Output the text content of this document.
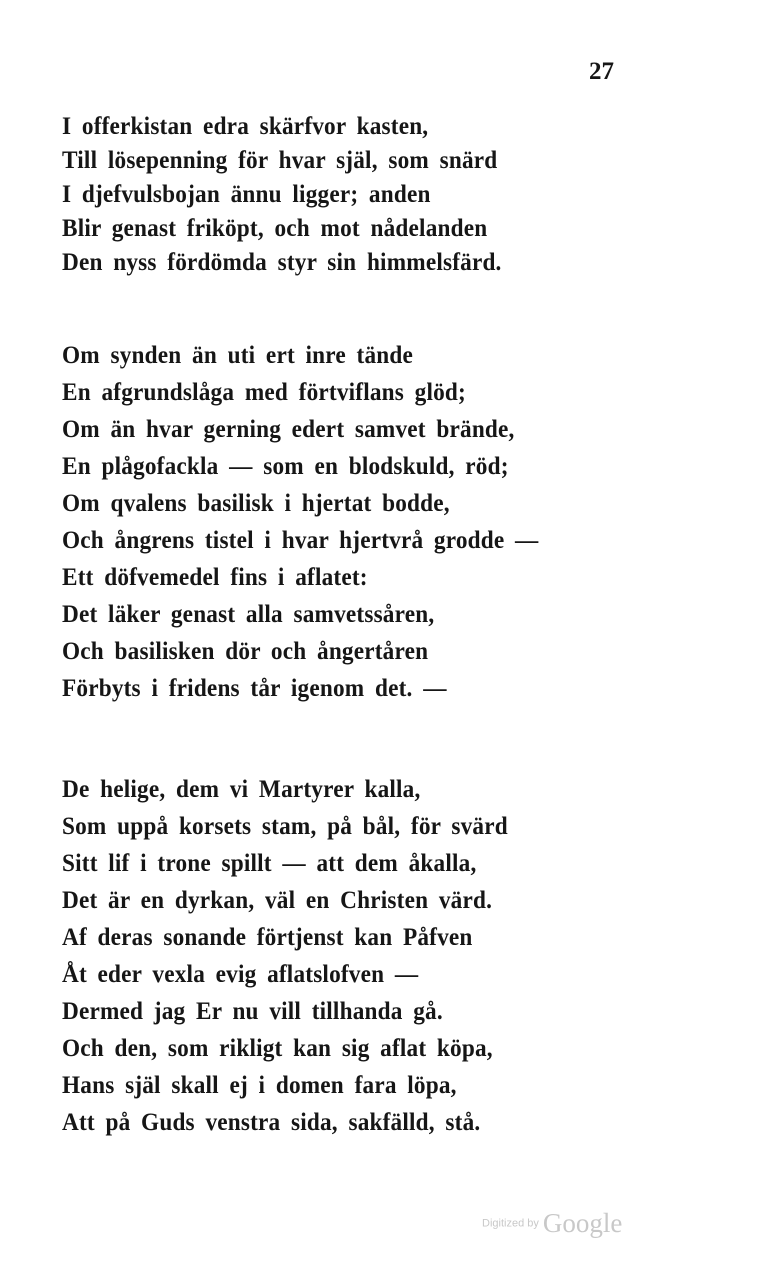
27
I offerkistan edra skärfvor kasten,
Till lösepenning för hvar själ, som snärd
I djefvulsbojan ännu ligger; anden
Blir genast friköpt, och mot nådelanden
Den nyss fördömda styr sin himmelsfärd.
Om synden än uti ert inre tände
En afgrundslåga med förtviflans glöd;
Om än hvar gerning edert samvet brände,
En plågofackla — som en blodskuld, röd;
Om qvalens basilisk i hjertat bodde,
Och ångrens tistel i hvar hjertvrå grodde —
Ett döfvemedel fins i aflatet:
Det läker genast alla samvetssåren,
Och basilisken dör och ångertåren
Förbyts i fridens tår igenom det. —
De helige, dem vi Martyrer kalla,
Som uppå korsets stam, på bål, för svärd
Sitt lif i trone spillt — att dem åkalla,
Det är en dyrkan, väl en Christen värd.
Af deras sonande förtjenst kan Påfven
Åt eder vexla evig aflatslofven —
Dermed jag Er nu vill tillhanda gå.
Och den, som rikligt kan sig aflat köpa,
Hans själ skall ej i domen fara löpa,
Att på Guds venstra sida, sakfälld, stå.
Digitized by Google
